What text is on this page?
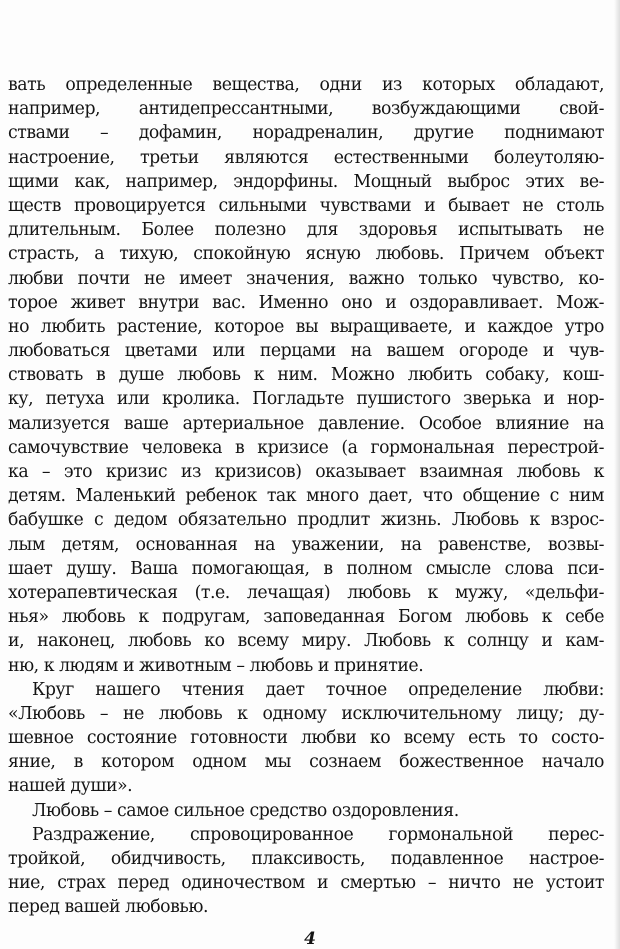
вать определенные вещества, одни из которых обладают,
например, антидепрессантными, возбуждающими свой-
ствами – дофамин, норадреналин, другие поднимают
настроение, третьи являются естественными болеутоляю-
щими как, например, эндорфины. Мощный выброс этих ве-
ществ провоцируется сильными чувствами и бывает не столь
длительным. Более полезно для здоровья испытывать не
страсть, а тихую, спокойную ясную любовь. Причем объект
любви почти не имеет значения, важно только чувство, ко-
торое живет внутри вас. Именно оно и оздоравливает. Мож-
но любить растение, которое вы выращиваете, и каждое утро
любоваться цветами или перцами на вашем огороде и чув-
ствовать в душе любовь к ним. Можно любить собаку, кош-
ку, петуха или кролика. Погладьте пушистого зверька и нор-
мализуется ваше артериальное давление. Особое влияние на
самочувствие человека в кризисе (а гормональная перестрой-
ка – это кризис из кризисов) оказывает взаимная любовь к
детям. Маленький ребенок так много дает, что общение с ним
бабушке с дедом обязательно продлит жизнь. Любовь к взрос-
лым детям, основанная на уважении, на равенстве, возвы-
шает душу. Ваша помогающая, в полном смысле слова пси-
хотерапевтическая (т.е. лечащая) любовь к мужу, «дельфи-
нья» любовь к подругам, заповеданная Богом любовь к себе
и, наконец, любовь ко всему миру. Любовь к солнцу и кам-
ню, к людям и животным – любовь и принятие.
Круг нашего чтения дает точное определение любви:
«Любовь – не любовь к одному исключительному лицу; ду-
шевное состояние готовности любви ко всему есть то состо-
яние, в котором одном мы сознаем божественное начало
нашей души».
Любовь – самое сильное средство оздоровления.
Раздражение, спровоцированное гормональной перес-
тройкой, обидчивость, плаксивость, подавленное настрое-
ние, страх перед одиночеством и смертью – ничто не устоит
перед вашей любовью.
4
